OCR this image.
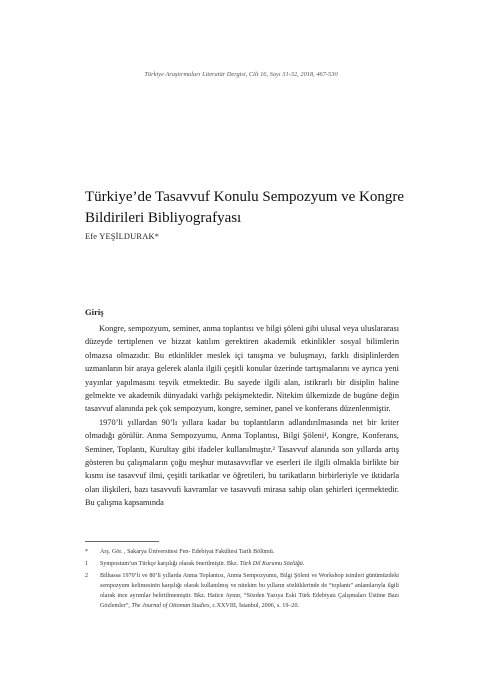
Türkiye Araştırmaları Literatür Dergisi, Cilt 16, Sayı 31-32, 2018, 467-530
Türkiye’de Tasavvuf Konulu Sempozyum ve Kongre Bildirileri Bibliyografyası
Efe YEŞİLDURAK*
Giriş

Kongre, sempozyum, seminer, anma toplantısı ve bilgi şöleni gibi ulusal veya uluslararası düzeyde tertiplenen ve bizzat katılım gerektiren akademik etkinlikler sosyal bilimlerin olmazsa olmazıdır. Bu etkinlikler meslek içi tanışma ve buluşmayı, farklı disiplinlerden uzmanların bir araya gelerek alanla ilgili çeşitli konular üzerinde tartışmalarını ve ayrıca yeni yayınlar yapılmasını teşvik etmektedir. Bu sayede ilgili alan, istikrarlı bir disiplin haline gelmekte ve akademik dünyadaki varlığı pekişmektedir. Nitekim ülkemizde de bugüne değin tasavvuf alanında pek çok sempozyum, kongre, seminer, panel ve konferans düzenlenmiştir.

1970’li yıllardan 90’lı yıllara kadar bu toplantıların adlandırılmasında net bir kriter olmadığı görülür. Anma Sempozyumu, Anma Toplantısı, Bilgi Şöleni¹, Kongre, Konferans, Seminer, Toplantı, Kurultay gibi ifadeler kullanılmıştır.² Tasavvuf alanında son yıllarda artış gösteren bu çalışmaların çoğu meşhur mutasavvıflar ve eserleri ile ilgili olmakla birlikte bir kısmı ise tasavvuf ilmi, çeşitli tarikatlar ve öğretileri, bu tarikatların birbirleriyle ve iktidarla olan ilişkileri, bazı tasavvufi kavramlar ve tasavvufi mirasa sahip olan şehirleri içermektedir. Bu çalışma kapsamında

* Arş. Gör. , Sakarya Üniversitesi Fen- Edebiyat Fakültesi Tarih Bölümü.
1 Symposium’un Türkçe karşılığı olarak önerilmiştir. Bkz. Türk Dil Kurumu Sözlüğü.
2 Bilhassa 1970’li ve 80’li yıllarda Anma Toplantısı, Anma Sempozyumu, Bilgi Şöleni ve Workshop isimleri günümüzdeki sempozyum kelimesinin karşılığı olarak kullanılmış ve nitekim bu yılların sözlüklerinde de “toplantı” anlamlarıyla ilgili olarak ince ayrımlar belirtilmemiştir. Bkz. Hatice Aynur, “Sözden Yazıya Eski Türk Edebiyatı Çalışmaları Üstüne Bazı Gözlemler”, The Journal of Ottoman Studies, c.XXVIII, İstanbul, 2006, s. 19–20.
